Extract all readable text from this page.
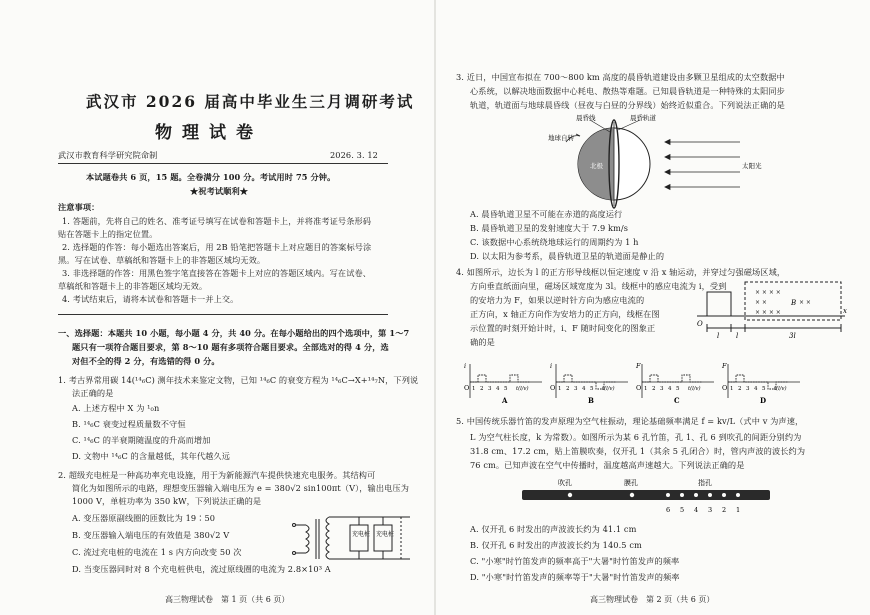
武汉市 2026 届高中毕业生三月调研考试
物理试卷
武汉市教育科学研究院命制	2026. 3. 12
本试题卷共 6 页，15 题。全卷满分 100 分。考试用时 75 分钟。
★祝考试顺利★
注意事项：
1. 答题前，先将自己的姓名、准考证号填写在试卷和答题卡上，并将准考证号条形码
贴在答题卡上的指定位置。
2. 选择题的作答：每小题选出答案后，用 2B 铅笔把答题卡上对应题目的答案标号涂
黑。写在试卷、草稿纸和答题卡上的非答题区域均无效。
3. 非选择题的作答：用黑色签字笔直接答在答题卡上对应的答题区域内。写在试卷、
草稿纸和答题卡上的非答题区域均无效。
4. 考试结束后，请将本试卷和答题卡一并上交。
一、选择题：本题共 10 小题，每小题 4 分，共 40 分。在每小题给出的四个选项中，第 1～7
题只有一项符合题目要求，第 8～10 题有多项符合题目要求。全部选对的得 4 分，选
对但不全的得 2 分，有选错的得 0 分。
1. 考古界常用碳 14(¹⁴₆C) 测年技术来鉴定文物，已知 ¹⁴₆C 的衰变方程为 ¹⁴₆C→X+¹⁴₇N，下列说
法正确的是
A. 上述方程中 X 为 ¹₀n
B. ¹⁴₆C 衰变过程质量数不守恒
C. ¹⁴₆C 的半衰期随温度的升高而增加
D. 文物中 ¹⁴₆C 的含量越低，其年代越久远
2. 超级充电桩是一种高功率充电设施，用于为新能源汽车提供快速充电服务。其结构可
简化为如图所示的电路，理想变压器输入端电压为 e = 380√2 sin100πt（V），输出电压为
1000 V，单桩功率为 350 kW，下列说法正确的是
A. 变压器原副线圈的匝数比为 19∶50
B. 变压器输入端电压的有效值是 380√2 V
C. 流过充电桩的电流在 1 s 内方向改变 50 次
D. 当变压器同时对 8 个充电桩供电，流过原线圈的电流为 2.8×10³ A
充电桩 充电桩
高三物理试卷　第 1 页（共 6 页）
3. 近日，中国宣布拟在 700～800 km 高度的晨昏轨道建设由多颗卫星组成的太空数据中
心系统，以解决地面数据中心耗电、散热等难题。已知晨昏轨道是一种特殊的太阳同步
轨道，轨道面与地球晨昏线（昼夜与白昼的分界线）始终近似重合。下列说法正确的是
晨昏线	晨昏轨道
地球自转
北极	太阳光
A. 晨昏轨道卫星不可能在赤道的高度运行
B. 晨昏轨道卫星的发射速度大于 7.9 km/s
C. 该数据中心系统绕地球运行的周期约为 1 h
D. 以太阳为参考系，晨昏轨道卫星的轨道面是静止的
4. 如图所示，边长为 l 的正方形导线框以恒定速度 v 沿 x 轴运动，并穿过匀强磁场区域，
方向垂直纸面向里，磁场区域宽度为 3l。线框中的感应电流为 i，受到
的安培力为 F，如果以逆时针方向为感应电流的
正方向，x 轴正方向作为安培力的正方向，线框在图
示位置的时刻开始计时，i、F 随时间变化的图象正
确的是
× × × ×
× ×	× ×
× × × ×
B
x
O
l l	3l
i
O 1 2 3 4 5 t(l/v)
A
i
O 1 2 3 4 5 t(l/v)
B
F
O 1 2 3 4 5 t(l/v)
C
F
O 1 2 3 4 5 t(l/v)
D
5. 中国传统乐器竹笛的发声原理为空气柱振动，理论基础频率满足 f = kv/L（式中 v 为声速，
L 为空气柱长度，k 为常数）。如图所示为某 6 孔竹笛，孔 1、孔 6 到吹孔的间距分别约为
31.8 cm、17.2 cm，贴上笛膜吹奏，仅开孔 1（其余 5 孔闭合）时，管内声波的波长约为
76 cm。已知声波在空气中传播时，温度越高声速越大。下列说法正确的是
吹孔	膜孔	指孔
6 5 4 3 2 1
A. 仅开孔 6 时发出的声波波长约为 41.1 cm
B. 仅开孔 6 时发出的声波波长约为 140.5 cm
C. "小寒"时竹笛发声的频率高于"大暑"时竹笛发声的频率
D. "小寒"时竹笛发声的频率等于"大暑"时竹笛发声的频率
高三物理试卷　第 2 页（共 6 页）
